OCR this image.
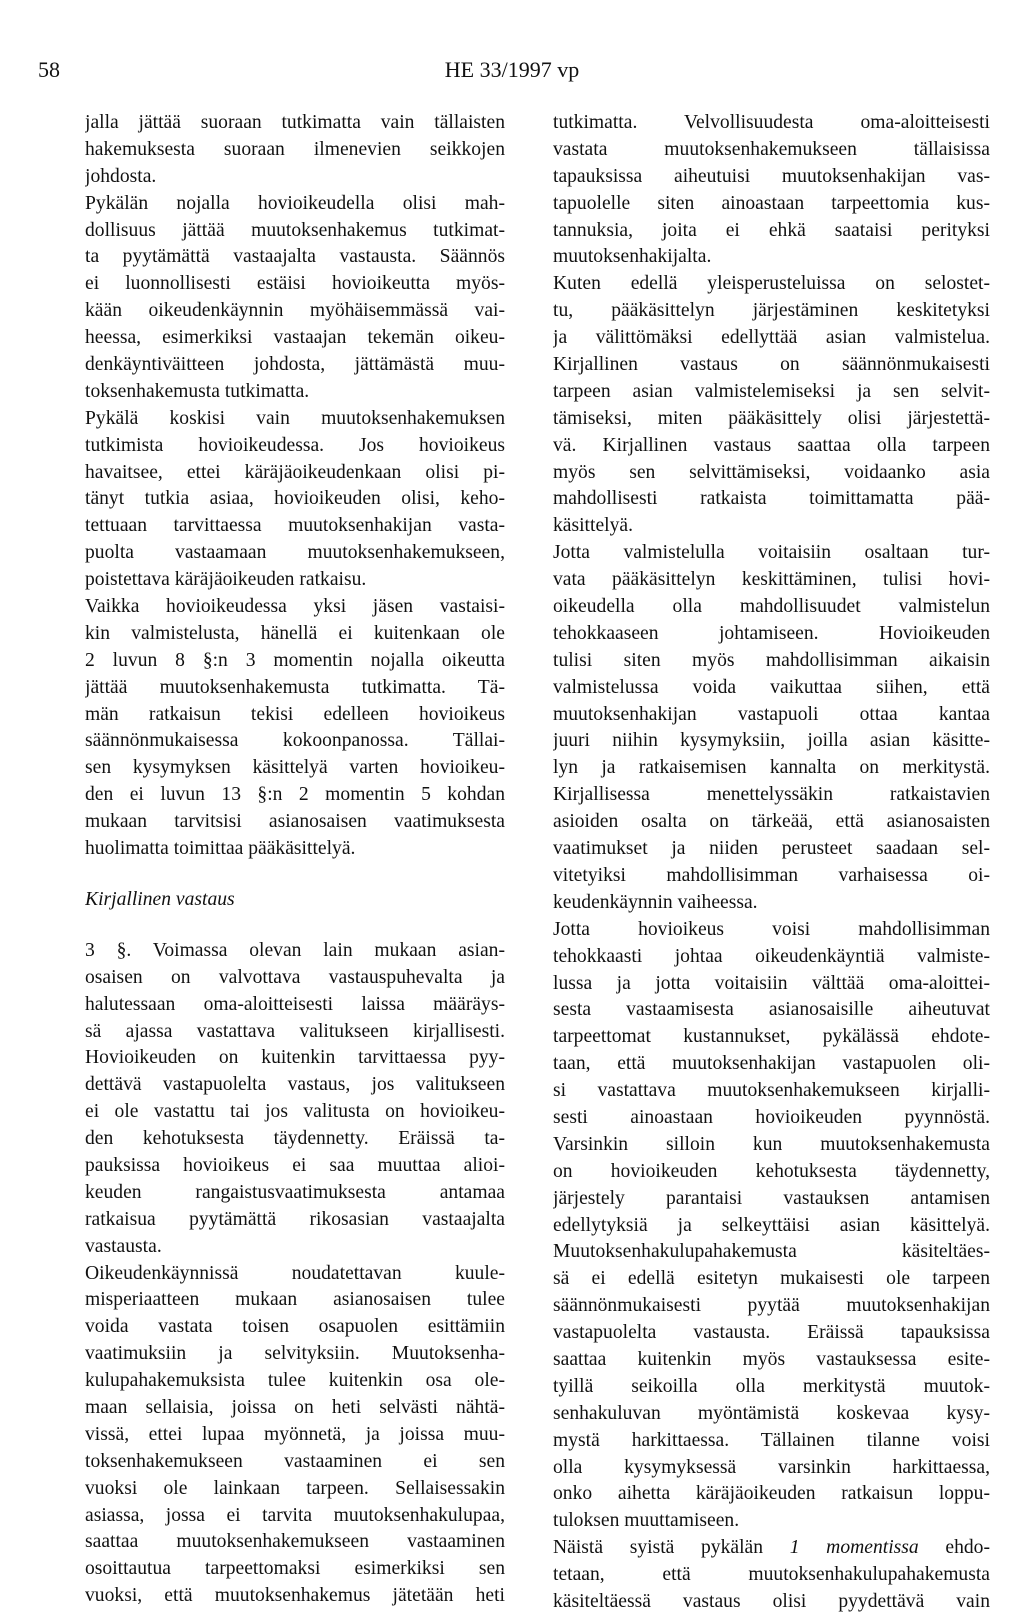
58	HE 33/1997 vp
jalla jättää suoraan tutkimatta vain tällaisten
hakemuksesta suoraan ilmenevien seikkojen
johdosta.
Pykälän nojalla hovioikeudella olisi mah-
dollisuus jättää muutoksenhakemus tutkimat-
ta pyytämättä vastaajalta vastausta. Säännös
ei luonnollisesti estäisi hovioikeutta myös-
kään oikeudenkäynnin myöhäisemmässä vai-
heessa, esimerkiksi vastaajan tekemän oikeu-
denkäyntiväitteen johdosta, jättämästä muu-
toksenhakemusta tutkimatta.
Pykälä koskisi vain muutoksenhakemuksen
tutkimista hovioikeudessa. Jos hovioikeus
havaitsee, ettei käräjäoikeudenkaan olisi pi-
tänyt tutkia asiaa, hovioikeuden olisi, keho-
tettuaan tarvittaessa muutoksenhakijan vasta-
puolta vastaamaan muutoksenhakemukseen,
poistettava käräjäoikeuden ratkaisu.
Vaikka hovioikeudessa yksi jäsen vastaisi-
kin valmistelusta, hänellä ei kuitenkaan ole
2 luvun 8 §:n 3 momentin nojalla oikeutta
jättää muutoksenhakemusta tutkimatta. Tä-
män ratkaisun tekisi edelleen hovioikeus
säännönmukaisessa kokoonpanossa. Tällai-
sen kysymyksen käsittelyä varten hovioikeu-
den ei luvun 13 §:n 2 momentin 5 kohdan
mukaan tarvitsisi asianosaisen vaatimuksesta
huolimatta toimittaa pääkäsittelyä.
Kirjallinen vastaus
3 §. Voimassa olevan lain mukaan asian-
osaisen on valvottava vastauspuhevalta ja
halutessaan oma-aloitteisesti laissa määräys-
sä ajassa vastattava valitukseen kirjallisesti.
Hovioikeuden on kuitenkin tarvittaessa pyy-
dettävä vastapuolelta vastaus, jos valitukseen
ei ole vastattu tai jos valitusta on hovioikeu-
den kehotuksesta täydennetty. Eräissä ta-
pauksissa hovioikeus ei saa muuttaa alioi-
keuden rangaistusvaatimuksesta antamaa
ratkaisua pyytämättä rikosasian vastaajalta
vastausta.
Oikeudenkäynnissä noudatettavan kuule-
misperiaatteen mukaan asianosaisen tulee
voida vastata toisen osapuolen esittämiin
vaatimuksiin ja selvityksiin. Muutoksenha-
kulupahakemuksista tulee kuitenkin osa ole-
maan sellaisia, joissa on heti selvästi nähtä-
vissä, ettei lupaa myönnetä, ja joissa muu-
toksenhakemukseen vastaaminen ei sen
vuoksi ole lainkaan tarpeen. Sellaisessakin
asiassa, jossa ei tarvita muutoksenhakulupaa,
saattaa muutoksenhakemukseen vastaaminen
osoittautua tarpeettomaksi esimerkiksi sen
vuoksi, että muutoksenhakemus jätetään heti
tutkimatta. Velvollisuudesta oma-aloitteisesti
vastata muutoksenhakemukseen tällaisissa
tapauksissa aiheutuisi muutoksenhakijan vas-
tapuolelle siten ainoastaan tarpeettomia kus-
tannuksia, joita ei ehkä saataisi perityksi
muutoksenhakijalta.
Kuten edellä yleisperusteluissa on selostet-
tu, pääkäsittelyn järjestäminen keskitetyksi
ja välittömäksi edellyttää asian valmistelua.
Kirjallinen vastaus on säännönmukaisesti
tarpeen asian valmistelemiseksi ja sen selvit-
tämiseksi, miten pääkäsittely olisi järjestettä-
vä. Kirjallinen vastaus saattaa olla tarpeen
myös sen selvittämiseksi, voidaanko asia
mahdollisesti ratkaista toimittamatta pää-
käsittelyä.
Jotta valmistelulla voitaisiin osaltaan tur-
vata pääkäsittelyn keskittäminen, tulisi hovi-
oikeudella olla mahdollisuudet valmistelun
tehokkaaseen johtamiseen. Hovioikeuden
tulisi siten myös mahdollisimman aikaisin
valmistelussa voida vaikuttaa siihen, että
muutoksenhakijan vastapuoli ottaa kantaa
juuri niihin kysymyksiin, joilla asian käsitte-
lyn ja ratkaisemisen kannalta on merkitystä.
Kirjallisessa menettelyssäkin ratkaistavien
asioiden osalta on tärkeää, että asianosaisten
vaatimukset ja niiden perusteet saadaan sel-
vitetyiksi mahdollisimman varhaisessa oi-
keudenkäynnin vaiheessa.
Jotta hovioikeus voisi mahdollisimman
tehokkaasti johtaa oikeudenkäyntiä valmiste-
lussa ja jotta voitaisiin välttää oma-aloittei-
sesta vastaamisesta asianosaisille aiheutuvat
tarpeettomat kustannukset, pykälässä ehdote-
taan, että muutoksenhakijan vastapuolen oli-
si vastattava muutoksenhakemukseen kirjalli-
sesti ainoastaan hovioikeuden pyynnöstä.
Varsinkin silloin kun muutoksenhakemusta
on hovioikeuden kehotuksesta täydennetty,
järjestely parantaisi vastauksen antamisen
edellytyksiä ja selkeyttäisi asian käsittelyä.
Muutoksenhakulupahakemusta käsiteltäes-
sä ei edellä esitetyn mukaisesti ole tarpeen
säännönmukaisesti pyytää muutoksenhakijan
vastapuolelta vastausta. Eräissä tapauksissa
saattaa kuitenkin myös vastauksessa esite-
tyillä seikoilla olla merkitystä muutok-
senhakuluvan myöntämistä koskevaa kysy-
mystä harkittaessa. Tällainen tilanne voisi
olla kysymyksessä varsinkin harkittaessa,
onko aihetta käräjäoikeuden ratkaisun loppu-
tuloksen muuttamiseen.
Näistä syistä pykälän 1 momentissa ehdo-
tetaan, että muutoksenhakulupahakemusta
käsiteltäessä vastaus olisi pyydettävä vain
